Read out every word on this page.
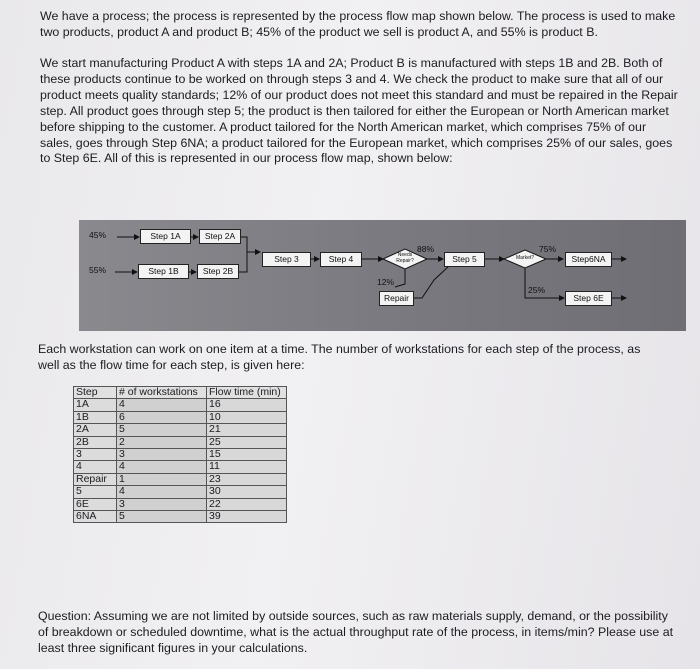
We have a process; the process is represented by the process flow map shown below. The process is used to make two products, product A and product B; 45% of the product we sell is product A, and 55% is product B.

We start manufacturing Product A with steps 1A and 2A; Product B is manufactured with steps 1B and 2B. Both of these products continue to be worked on through steps 3 and 4. We check the product to make sure that all of our product meets quality standards; 12% of our product does not meet this standard and must be repaired in the Repair step. All product goes through step 5; the product is then tailored for either the European or North American market before shipping to the customer. A product tailored for the North American market, which comprises 75% of our sales, goes through Step 6NA; a product tailored for the European market, which comprises 25% of our sales, goes to Step 6E. All of this is represented in our process flow map, shown below:

45%
55%
Step 1A	Step 2A
Step 1B	Step 2B
Step 3	Step 4	Needs
Repair?
88%
12%
Step 5	Market?
75%
25%
Step6NA
Step 6E
Repair

Each workstation can work on one item at a time. The number of workstations for each step of the process, as well as the flow time for each step, is given here:

Step	# of workstations	Flow time (min)
1A	4	16
1B	6	10
2A	5	21
2B	2	25
3	3	15
4	4	11
Repair	1	23
5	4	30
6E	3	22
6NA	5	39

Question: Assuming we are not limited by outside sources, such as raw materials supply, demand, or the possibility of breakdown or scheduled downtime, what is the actual throughput rate of the process, in items/min? Please use at least three significant figures in your calculations.
